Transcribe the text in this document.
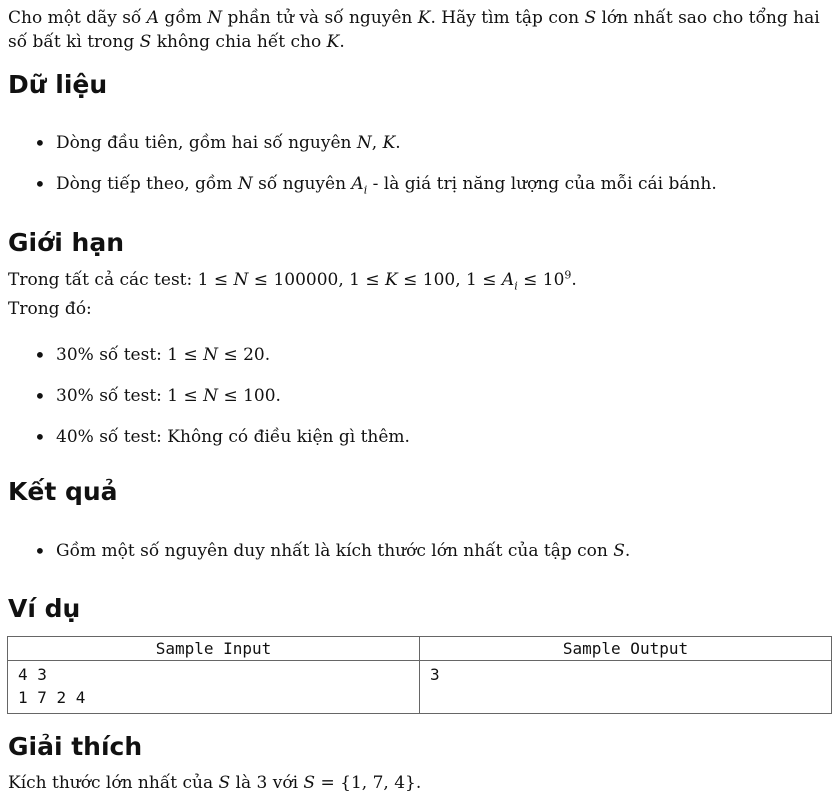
Cho một dãy số A gồm N phần tử và số nguyên K. Hãy tìm tập con S lớn nhất sao cho tổng hai
số bất kì trong S không chia hết cho K.
Dữ liệu
• Dòng đầu tiên, gồm hai số nguyên N, K.
• Dòng tiếp theo, gồm N số nguyên $A_i$ - là giá trị năng lượng của mỗi cái bánh.
Giới hạn
Trong tất cả các test: 1 ≤ N ≤ 100000, 1 ≤ K ≤ 100, $1 \le A_i \le 10^9$.
Trong đó:
• 30% số test: 1 ≤ N ≤ 20.
• 30% số test: 1 ≤ N ≤ 100.
• 40% số test: Không có điều kiện gì thêm.
Kết quả
• Gồm một số nguyên duy nhất là kích thước lớn nhất của tập con S.
Ví dụ
Sample Input	Sample Output
4 3
1 7 2 4	3
Giải thích
Kích thước lớn nhất của S là 3 với S = {1, 7, 4}.
